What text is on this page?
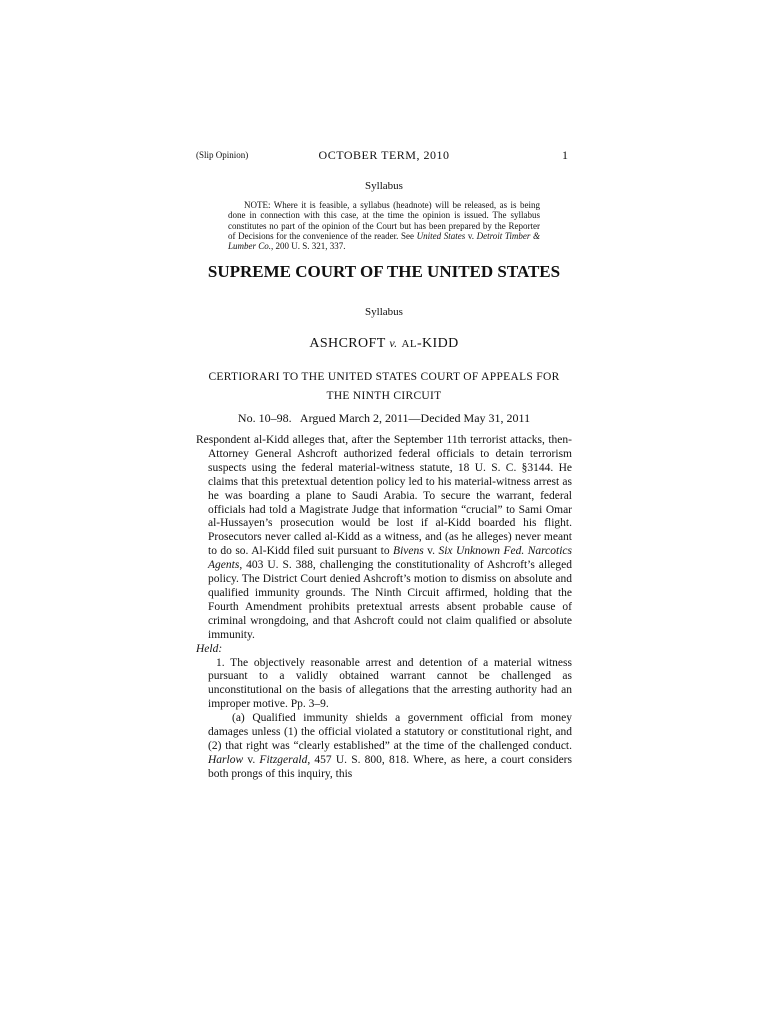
(Slip Opinion)	OCTOBER TERM, 2010	1
Syllabus
NOTE: Where it is feasible, a syllabus (headnote) will be released, as is being done in connection with this case, at the time the opinion is issued. The syllabus constitutes no part of the opinion of the Court but has been prepared by the Reporter of Decisions for the convenience of the reader. See United States v. Detroit Timber & Lumber Co., 200 U. S. 321, 337.
SUPREME COURT OF THE UNITED STATES
Syllabus
ASHCROFT v. AL-KIDD
CERTIORARI TO THE UNITED STATES COURT OF APPEALS FOR
THE NINTH CIRCUIT
No. 10–98.   Argued March 2, 2011—Decided May 31, 2011

Respondent al-Kidd alleges that, after the September 11th terrorist attacks, then-Attorney General Ashcroft authorized federal officials to detain terrorism suspects using the federal material-witness statute, 18 U. S. C. §3144. He claims that this pretextual detention policy led to his material-witness arrest as he was boarding a plane to Saudi Arabia. To secure the warrant, federal officials had told a Magistrate Judge that information “crucial” to Sami Omar al-Hussayen’s prosecution would be lost if al-Kidd boarded his flight. Prosecutors never called al-Kidd as a witness, and (as he alleges) never meant to do so. Al-Kidd filed suit pursuant to Bivens v. Six Unknown Fed. Narcotics Agents, 403 U. S. 388, challenging the constitutionality of Ashcroft’s alleged policy. The District Court denied Ashcroft’s motion to dismiss on absolute and qualified immunity grounds. The Ninth Circuit affirmed, holding that the Fourth Amendment prohibits pretextual arrests absent probable cause of criminal wrongdoing, and that Ashcroft could not claim qualified or absolute immunity.

Held:

1. The objectively reasonable arrest and detention of a material witness pursuant to a validly obtained warrant cannot be challenged as unconstitutional on the basis of allegations that the arresting authority had an improper motive. Pp. 3–9.

(a) Qualified immunity shields a government official from money damages unless (1) the official violated a statutory or constitutional right, and (2) that right was “clearly established” at the time of the challenged conduct. Harlow v. Fitzgerald, 457 U. S. 800, 818. Where, as here, a court considers both prongs of this inquiry, this
